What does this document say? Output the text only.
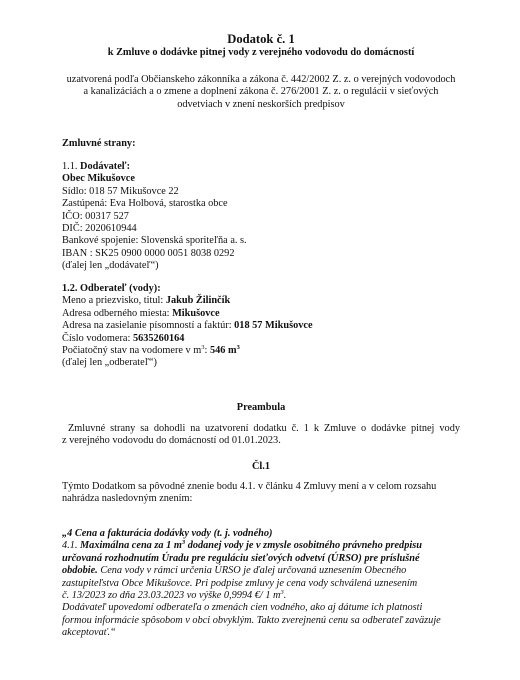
Dodatok č. 1
k Zmluve o dodávke pitnej vody z verejného vodovodu do domácností
uzatvorená podľa Občianskeho zákonníka a zákona č. 442/2002 Z. z. o verejných vodovodoch
a kanalizáciách a o zmene a doplnení zákona č. 276/2001 Z. z. o regulácii v sieťových
odvetviach v znení neskorších predpisov
Zmluvné strany:
1.1. Dodávateľ:
Obec Mikušovce
Sídlo: 018 57 Mikušovce 22
Zastúpená: Eva Holbová, starostka obce
IČO: 00317 527
DIČ: 2020610944
Bankové spojenie: Slovenská sporiteľňa a. s.
IBAN : SK25 0900 0000 0051 8038 0292
(ďalej len „dodávateľ“)
1.2. Odberateľ (vody):
Meno a priezvisko, titul: Jakub Žilinčík
Adresa odberného miesta: Mikušovce
Adresa na zasielanie písomností a faktúr: 018 57 Mikušovce
Číslo vodomera: 5635260164
Počiatočný stav na vodomere v $m^3$: 546 $m^3$
(ďalej len „odberateľ“)
Preambula
Zmluvné strany sa dohodli na uzatvorení dodatku č. 1 k Zmluve o dodávke pitnej vody
z verejného vodovodu do domácností od 01.01.2023.
Čl.1
Týmto Dodatkom sa pôvodné znenie bodu 4.1. v článku 4 Zmluvy mení a v celom rozsahu
nahrádza nasledovným znením:
„4 Cena a fakturácia dodávky vody (t. j. vodného)
4.1. Maximálna cena za 1 $m^3$ dodanej vody je v zmysle osobitného právneho predpisu
určovaná rozhodnutím Úradu pre reguláciu sieťových odvetví (ÚRSO) pre príslušné
obdobie. Cena vody v rámci určenia ÚRSO je ďalej určovaná uznesením Obecného
zastupiteľstva Obce Mikušovce. Pri podpise zmluvy je cena vody schválená uznesením
č. 13/2023 zo dňa 23.03.2023 vo výške 0,9994 €/ 1 $m^3$.
Dodávateľ upovedomí odberateľa o zmenách cien vodného, ako aj dátume ich platnosti
formou informácie spôsobom v obci obvyklým. Takto zverejnenú cenu sa odberateľ zaväzuje
akceptovať.“
